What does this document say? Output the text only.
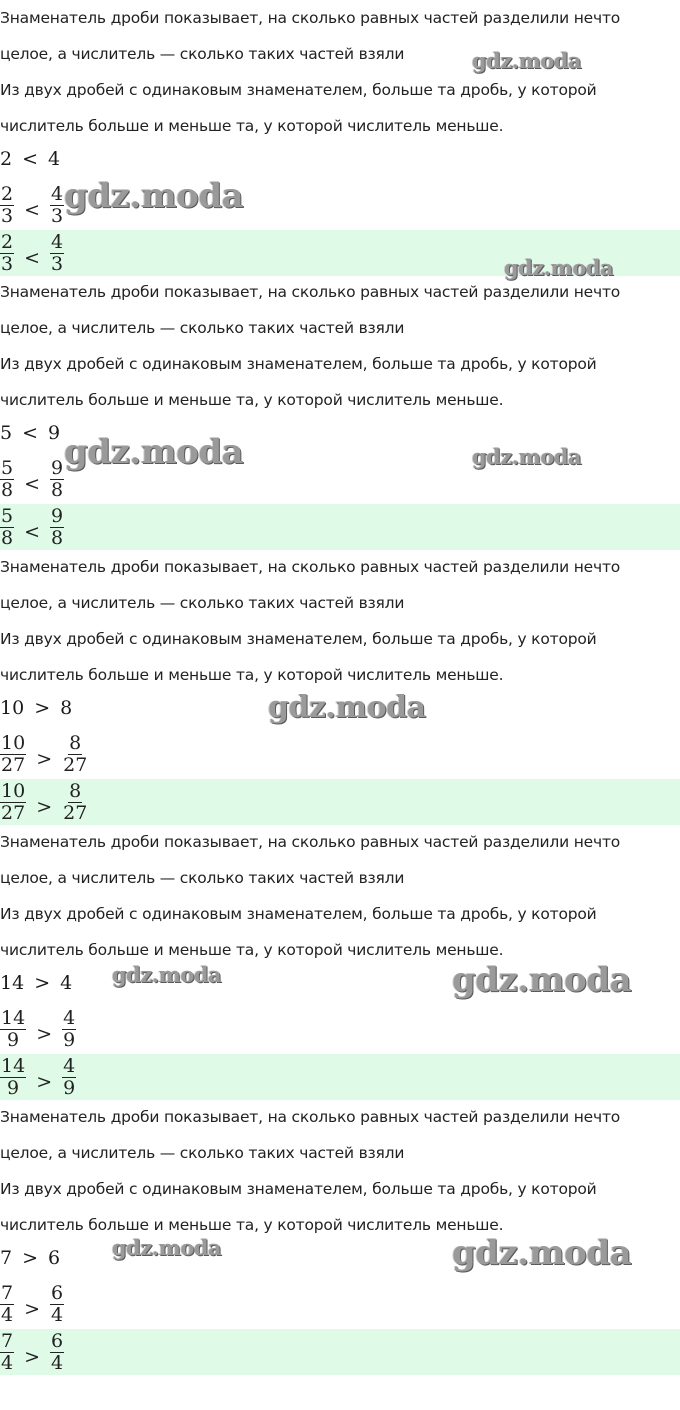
Знаменатель дроби показывает, на сколько равных частей разделили нечто
целое, а числитель — сколько таких частей взяли
Из двух дробей с одинаковым знаменателем, больше та дробь, у которой
числитель больше и меньше та, у которой числитель меньше.
2 < 4
$\frac{2}{3} < \frac{4}{3}$
$\frac{2}{3} < \frac{4}{3}$
Знаменатель дроби показывает, на сколько равных частей разделили нечто
целое, а числитель — сколько таких частей взяли
Из двух дробей с одинаковым знаменателем, больше та дробь, у которой
числитель больше и меньше та, у которой числитель меньше.
5 < 9
$\frac{5}{8} < \frac{9}{8}$
$\frac{5}{8} < \frac{9}{8}$
Знаменатель дроби показывает, на сколько равных частей разделили нечто
целое, а числитель — сколько таких частей взяли
Из двух дробей с одинаковым знаменателем, больше та дробь, у которой
числитель больше и меньше та, у которой числитель меньше.
10 > 8
$\frac{10}{27} > \frac{8}{27}$
$\frac{10}{27} > \frac{8}{27}$
Знаменатель дроби показывает, на сколько равных частей разделили нечто
целое, а числитель — сколько таких частей взяли
Из двух дробей с одинаковым знаменателем, больше та дробь, у которой
числитель больше и меньше та, у которой числитель меньше.
14 > 4
$\frac{14}{9} > \frac{4}{9}$
$\frac{14}{9} > \frac{4}{9}$
Знаменатель дроби показывает, на сколько равных частей разделили нечто
целое, а числитель — сколько таких частей взяли
Из двух дробей с одинаковым знаменателем, больше та дробь, у которой
числитель больше и меньше та, у которой числитель меньше.
7 > 6
$\frac{7}{4} > \frac{6}{4}$
$\frac{7}{4} > \frac{6}{4}$
gdz.moda
gdz.moda
gdz.moda
gdz.moda	gdz.moda
gdz.moda
gdz.moda	gdz.moda
gdz.moda	gdz.moda
